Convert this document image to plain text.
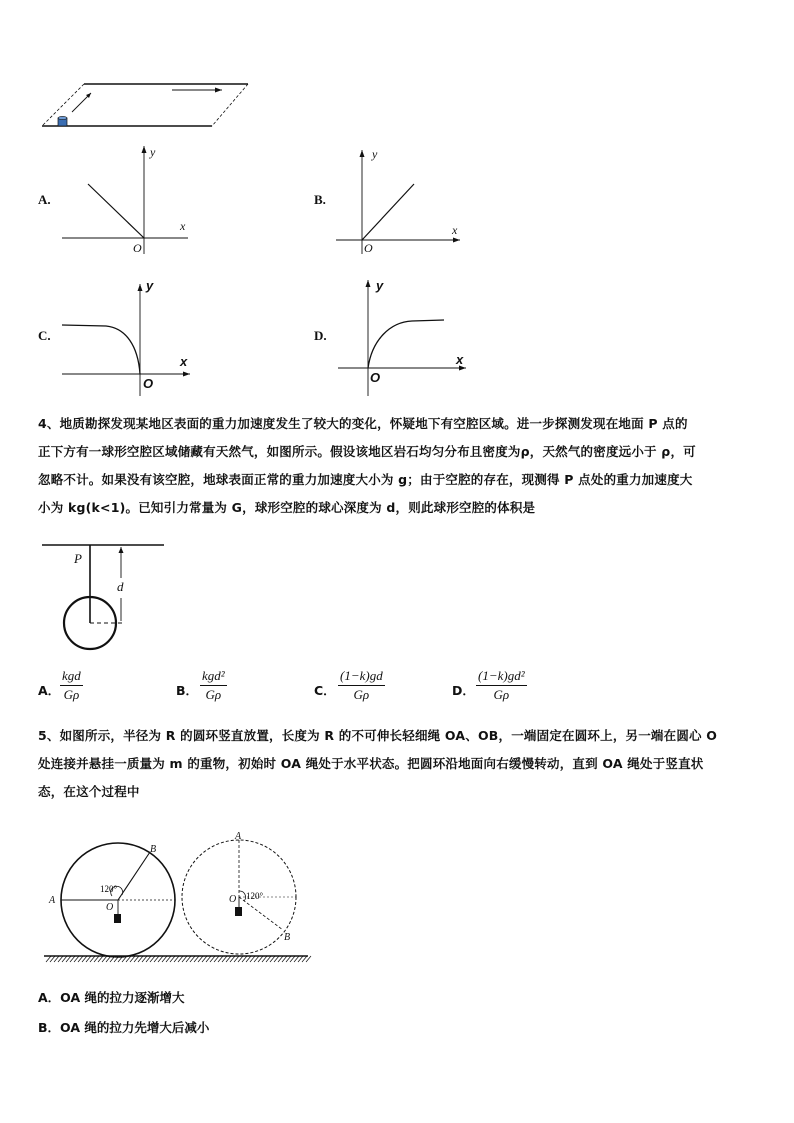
y
x
O
y
x
O
y
x
O
y
x
O
P
d
A
B
O
120°
A
B
O 120°
A.	B.
C.	D.
4、地质勘探发现某地区表面的重力加速度发生了较大的变化，怀疑地下有空腔区域。进一步探测发现在地面 P 点的
正下方有一球形空腔区域储藏有天然气，如图所示。假设该地区岩石均匀分布且密度为ρ，天然气的密度远小于 ρ，可
忽略不计。如果没有该空腔，地球表面正常的重力加速度大小为 g；由于空腔的存在，现测得 P 点处的重力加速度大
小为 kg(k<1)。已知引力常量为 G，球形空腔的球心深度为 d，则此球形空腔的体积是
A．
kgd
Gρ	B．
kgd²
Gρ	C． $\frac{(1-k)gd}{G\rho}$	D． $\frac{\text{(1−k)gd²}}{G\rho}$
5、如图所示，半径为 R 的圆环竖直放置，长度为 R 的不可伸长轻细绳 OA、OB，一端固定在圆环上，另一端在圆心 O
处连接并悬挂一质量为 m 的重物，初始时 OA 绳处于水平状态。把圆环沿地面向右缓慢转动，直到 OA 绳处于竖直状
态，在这个过程中
A．OA 绳的拉力逐渐增大
B．OA 绳的拉力先增大后减小
